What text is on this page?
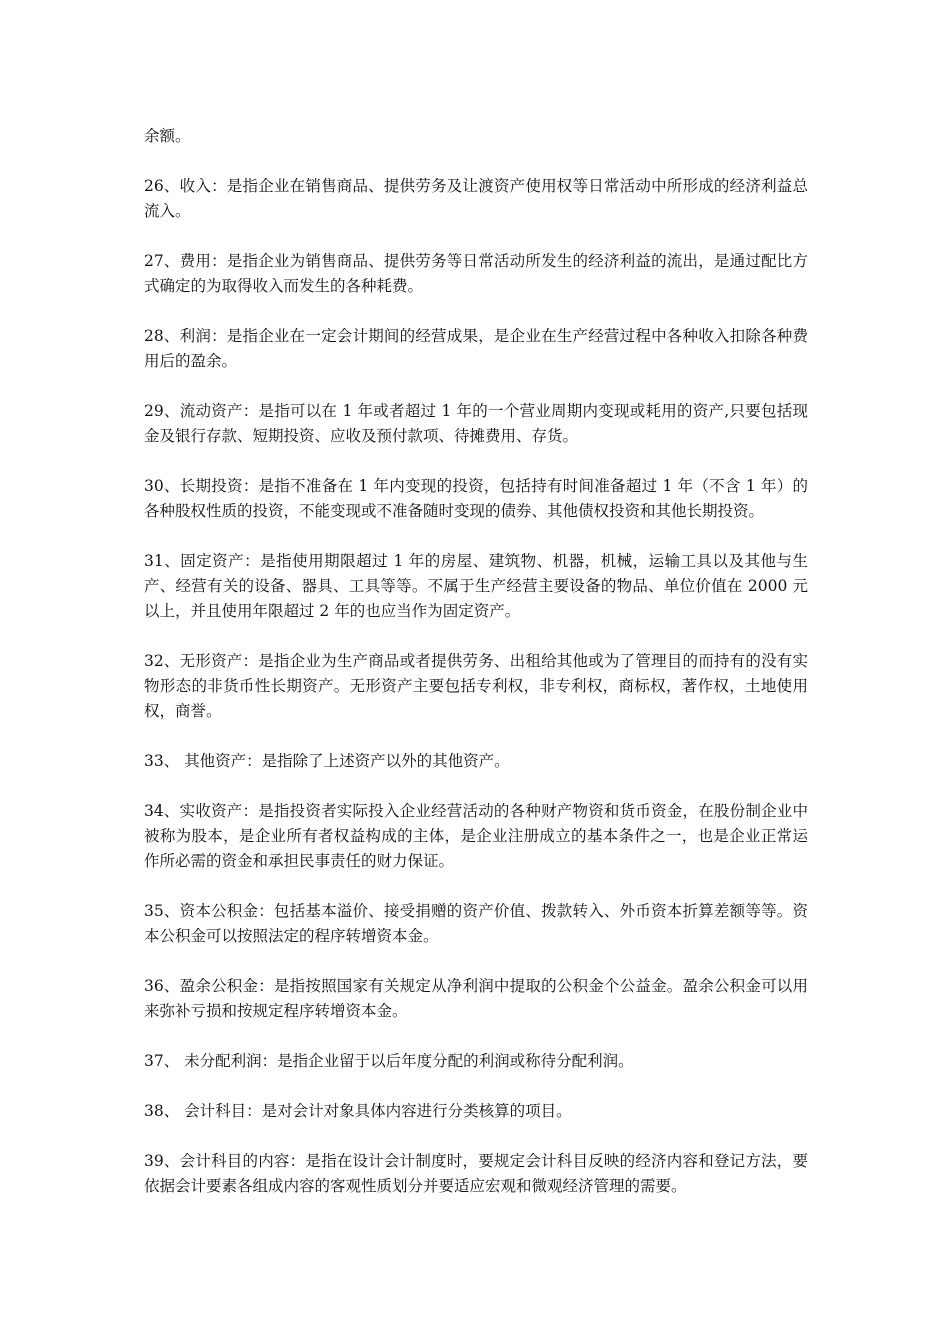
余额。

26、收入：是指企业在销售商品、提供劳务及让渡资产使用权等日常活动中所形成的经济利益总流入。

27、费用：是指企业为销售商品、提供劳务等日常活动所发生的经济利益的流出，是通过配比方式确定的为取得收入而发生的各种耗费。

28、利润：是指企业在一定会计期间的经营成果，是企业在生产经营过程中各种收入扣除各种费用后的盈余。

29、流动资产：是指可以在 1 年或者超过 1 年的一个营业周期内变现或耗用的资产,只要包括现金及银行存款、短期投资、应收及预付款项、待摊费用、存货。

30、长期投资：是指不准备在 1 年内变现的投资，包括持有时间准备超过 1 年（不含 1 年）的各种股权性质的投资，不能变现或不准备随时变现的债券、其他债权投资和其他长期投资。

31、固定资产：是指使用期限超过 1 年的房屋、建筑物、机器，机械，运输工具以及其他与生产、经营有关的设备、器具、工具等等。不属于生产经营主要设备的物品、单位价值在 2000 元以上，并且使用年限超过 2 年的也应当作为固定资产。

32、无形资产：是指企业为生产商品或者提供劳务、出租给其他或为了管理目的而持有的没有实物形态的非货币性长期资产。无形资产主要包括专利权，非专利权，商标权，著作权，土地使用权，商誉。

33、 其他资产：是指除了上述资产以外的其他资产。

34、实收资产：是指投资者实际投入企业经营活动的各种财产物资和货币资金，在股份制企业中被称为股本，是企业所有者权益构成的主体，是企业注册成立的基本条件之一，也是企业正常运作所必需的资金和承担民事责任的财力保证。

35、资本公积金：包括基本溢价、接受捐赠的资产价值、拨款转入、外币资本折算差额等等。资本公积金可以按照法定的程序转增资本金。

36、盈余公积金：是指按照国家有关规定从净利润中提取的公积金个公益金。盈余公积金可以用来弥补亏损和按规定程序转增资本金。

37、 未分配利润：是指企业留于以后年度分配的利润或称待分配利润。

38、 会计科目：是对会计对象具体内容进行分类核算的项目。

39、会计科目的内容：是指在设计会计制度时，要规定会计科目反映的经济内容和登记方法，要依据会计要素各组成内容的客观性质划分并要适应宏观和微观经济管理的需要。
